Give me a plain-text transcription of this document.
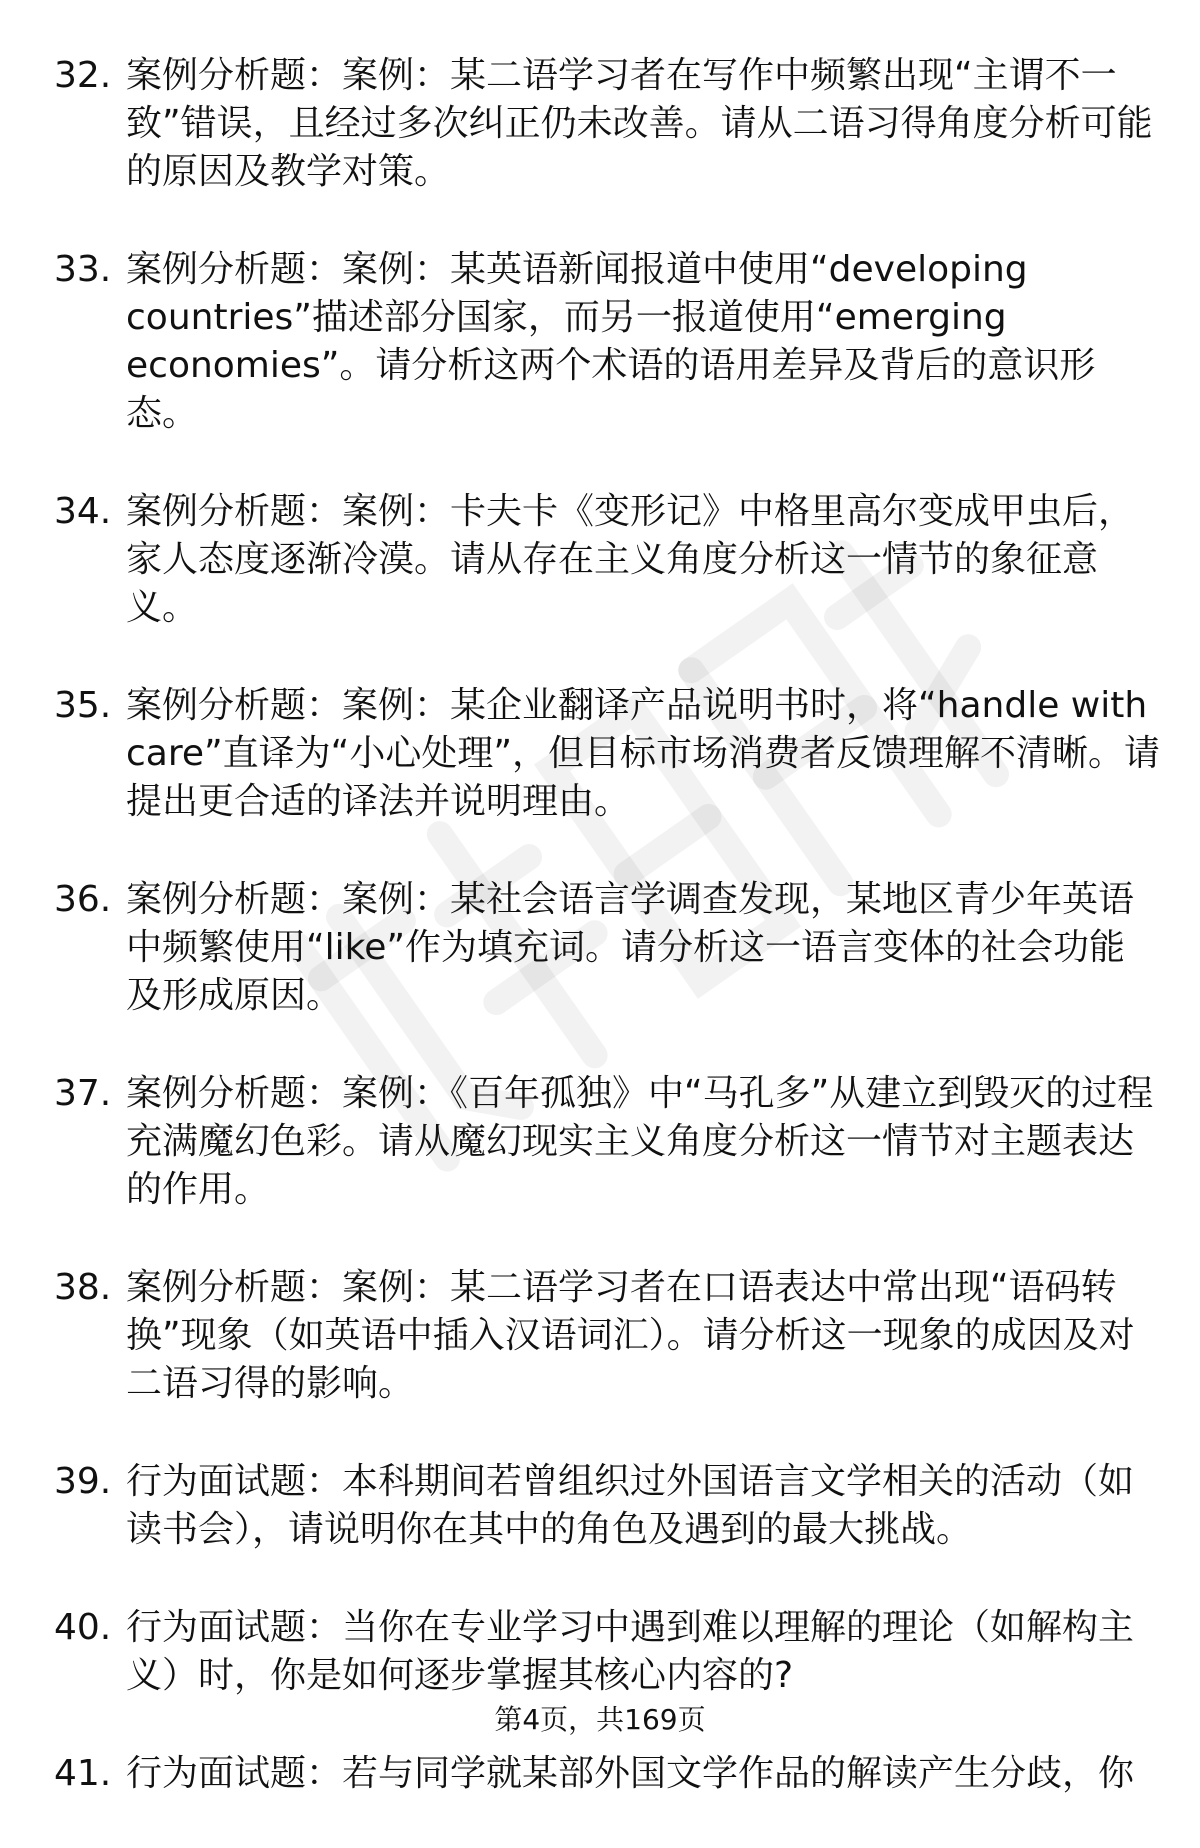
32. 案例分析题：案例：某二语学习者在写作中频繁出现“主谓不一致”错误，且经过多次纠正仍未改善。请从二语习得角度分析可能的原因及教学对策。
33. 案例分析题：案例：某英语新闻报道中使用“developing countries”描述部分国家，而另一报道使用“emerging economies”。请分析这两个术语的语用差异及背后的意识形态。
34. 案例分析题：案例：卡夫卡《变形记》中格里高尔变成甲虫后，家人态度逐渐冷漠。请从存在主义角度分析这一情节的象征意义。
35. 案例分析题：案例：某企业翻译产品说明书时，将“handle with care”直译为“小心处理”，但目标市场消费者反馈理解不清晰。请提出更合适的译法并说明理由。
36. 案例分析题：案例：某社会语言学调查发现，某地区青少年英语中频繁使用“like”作为填充词。请分析这一语言变体的社会功能及形成原因。
37. 案例分析题：案例：《百年孤独》中“马孔多”从建立到毁灭的过程充满魔幻色彩。请从魔幻现实主义角度分析这一情节对主题表达的作用。
38. 案例分析题：案例：某二语学习者在口语表达中常出现“语码转换”现象（如英语中插入汉语词汇）。请分析这一现象的成因及对二语习得的影响。
39. 行为面试题：本科期间若曾组织过外国语言文学相关的活动（如读书会），请说明你在其中的角色及遇到的最大挑战。
40. 行为面试题：当你在专业学习中遇到难以理解的理论（如解构主义）时，你是如何逐步掌握其核心内容的?
41. 行为面试题：若与同学就某部外国文学作品的解读产生分歧，你
第4页，共169页
